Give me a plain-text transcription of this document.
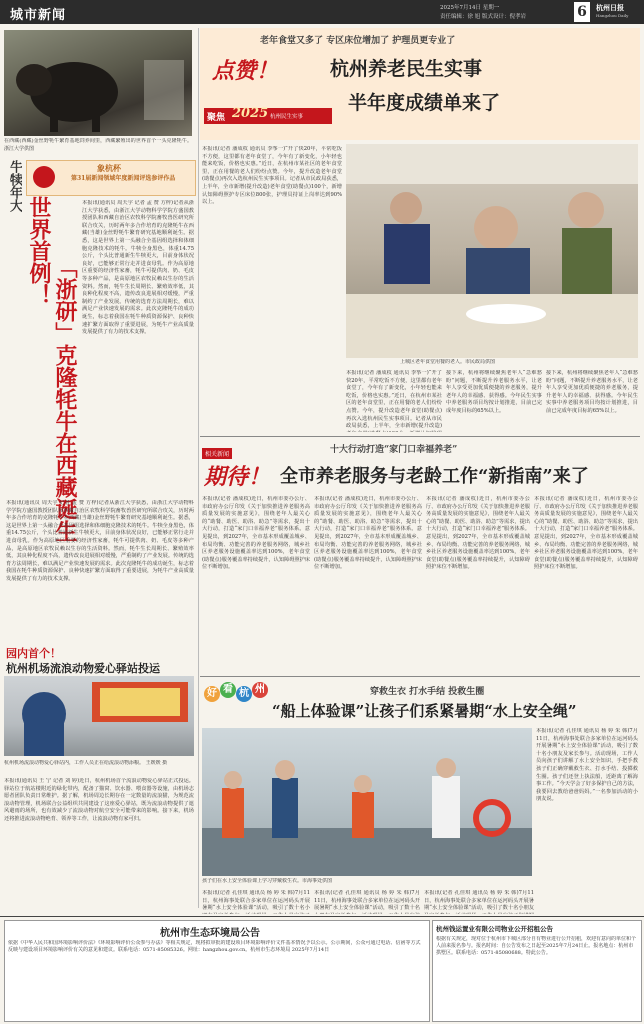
城市新闻	2025年7月14日 星期一
责任编辑：徐 旭 版式设计：倪孝岩	6	杭州日报
Hangzhou Daily
在西藏(西藏)金丝野牦牛繁育基地饲养间里，西藏繁殖出的世界首个一头克隆牦牛。 浙江大学供图
牛犊年大
象杭杯
第31届新闻领域年度新闻评选参评作品
世界首例！
「浙研」克隆牦牛在西藏诞生
本报讯(通讯员 周天宇 记者 孟 赞 方梓)记者从浙江大学获悉，由浙江大学动物科学学院方盛国教授团队和西藏自治区农牧科学院畜牧兽医研究所联合攻关，历时两年多合作培育的克隆牦牛在西藏(当雄)金丝野牦牛繁育研究基地顺利诞生。据悉，这是世界上第一头融合全基因组选择和体细胞克隆技术的牦牛。牛犊全身黑色，体重14.75公斤，个头比普通新生牛犊更大，目前身体状况良好，已能够正常行走并进食母乳。作为高原地区重要的经济性家畜，牦牛可提供肉、奶、毛皮等多种产品，是高原地区农牧民赖以生存的生活资料。然而，牦牛生长周期长、繁殖效率低，其良种化程度不高，遗传改良进展相对缓慢，严重制约了产业发展。传统的选育方法周期长，难以满足产业快速发展的需求。此次克隆牦牛的成功诞生，标志着我国在牦牛种质资源保护、良种快速扩繁方面取得了重要进展，为牦牛产业高质量发展提供了有力的技术支撑。
本报讯(通讯员 周天宇 记者 孟 赞 方梓)记者从浙江大学获悉，由浙江大学动物科学学院方盛国教授团队和西藏自治区农牧科学院畜牧兽医研究所联合攻关，历时两年多合作培育的克隆牦牛在西藏(当雄)金丝野牦牛繁育研究基地顺利诞生。据悉，这是世界上第一头融合全基因组选择和体细胞克隆技术的牦牛。牛犊全身黑色，体重14.75公斤，个头比普通新生牛犊更大，目前身体状况良好，已能够正常行走并进食母乳。作为高原地区重要的经济性家畜，牦牛可提供肉、奶、毛皮等多种产品，是高原地区农牧民赖以生存的生活资料。然而，牦牛生长周期长、繁殖效率低，其良种化程度不高，遗传改良进展相对缓慢，严重制约了产业发展。传统的选育方法周期长，难以满足产业快速发展的需求。此次克隆牦牛的成功诞生，标志着我国在牦牛种质资源保护、良种快速扩繁方面取得了重要进展，为牦牛产业高质量发展提供了有力的技术支撑。
园内首个！
杭州机场流浪动物爱心驿站投运
杭州机场流浪动物爱心驿站内，工作人员正在给流浪动物添粮。 王媛媛 摄
本报讯(通讯员 王 宁 记者 刘 婷)近日，杭州机场首个流浪动物爱心驿站正式投运。驿站位于航站楼附近的绿化带内，配备了猫窝、饮水器、喂食器等设施，由机场志愿者团队负责日常维护。据了解，机场周边长期存在一定数量的流浪猫，为规范流浪动物管理，机场联合公益组织共同建设了这座爱心驿站，既为流浪动物提供了遮风避雨的场所，也有效减少了流浪动物对航空安全可能带来的影响。接下来，机场还将推进流浪动物绝育、领养等工作，让流浪动物有家可归。
老年食堂又多了 专区床位增加了 护理员更专业了
点赞！	杭州养老民生实事
聚焦 2025 杭州民生实事
半年度成绩单来了
本报讯(记者 潘成枚 通讯员 李筝一)“开了快20年，平常吃饭不方便，这里都有老年食堂了，今年有了新变化，小年轻也能来吃饭，价格也实惠。”近日，在杭州市某社区的老年食堂里，正在用餐的老人们纷纷点赞。今年，提升改造老年食堂(助餐点)再次入选杭州民生实事项目。记者从市民政局获悉，上半年，全市新增(提升改造)老年食堂(助餐点)100个，新增认知障碍照护专区床位800张，护理员持证上岗率达到90%以上。
上城区老年食堂用餐的老人。市民政局供图
本报讯(记者 潘成枚 通讯员 李筝一)“开了快20年，平常吃饭不方便，这里都有老年食堂了，今年有了新变化，小年轻也能来吃饭，价格也实惠。”近日，在杭州市某社区的老年食堂里，正在用餐的老人们纷纷点赞。今年，提升改造老年食堂(助餐点)再次入选杭州民生实事项目。记者从市民政局获悉，上半年，全市新增(提升改造)
接下来，杭州将继续聚焦老年人“急难愁盼”问题，不断提升养老服务水平，让老年人享受更加优质便捷的养老服务，提升老年人的幸福感、获得感。今年民生实事中养老服务项目均按计划推进，目前已完成年度目标的65%以上。
接下来，杭州将继续聚焦老年人“急难愁盼”问题，不断提升养老服务水平，让老年人享受更加优质便捷的养老服务，提升老年人的幸福感、获得感。今年民生实事中养老服务项目均按计划推进，目前已完成年度目标的65%以上。
十大行动打造“家门口幸福养老”
相关新闻
期待！ 全市养老服务与老龄工作“新指南”来了
本报讯(记者 潘成枚)近日，杭州市委办公厅、市政府办公厅印发《关于加快推进养老服务高质量发展的实施意见》，围绕老年人最关心的“助餐、助医、助浴、助急”等需求，提出十大行动，打造“家门口幸福养老”服务体系。意见提出，到2027年，全市基本形成覆盖城乡、布局均衡、功能完善的养老服务网络，城乡社区养老服务设施覆盖率达到100%，老年食堂(助餐点)服务覆盖率持续提升，认知障碍照护床位不断增加。
本报讯(记者 潘成枚)近日，杭州市委办公厅、市政府办公厅印发《关于加快推进养老服务高质量发展的实施意见》，围绕老年人最关心的“助餐、助医、助浴、助急”等需求，提出十大行动，打造“家门口幸福养老”服务体系。意见提出，到2027年，全市基本形成覆盖城乡、布局均衡、功能完善的养老服务网络，城乡社区养老服务设施覆盖率达到100%，老年食堂(助餐点)服务覆盖率持续提升，认知障碍照护床位不断增加。
本报讯(记者 潘成枚)近日，杭州市委办公厅、市政府办公厅印发《关于加快推进养老服务高质量发展的实施意见》，围绕老年人最关心的“助餐、助医、助浴、助急”等需求，提出十大行动，打造“家门口幸福养老”服务体系。意见提出，到2027年，全市基本形成覆盖城乡、布局均衡、功能完善的养老服务网络，城乡社区养老服务设施覆盖率达到100%，老年食堂(助餐点)服务覆盖率持续提升，认知障碍照护床位不断增加。
本报讯(记者 潘成枚)近日，杭州市委办公厅、市政府办公厅印发《关于加快推进养老服务高质量发展的实施意见》，围绕老年人最关心的“助餐、助医、助浴、助急”等需求，提出十大行动，打造“家门口幸福养老”服务体系。意见提出，到2027年，全市基本形成覆盖城乡、布局均衡、功能完善的养老服务网络，城乡社区养老服务设施覆盖率达到100%，老年食堂(助餐点)服务覆盖率持续提升，认知障碍照护床位不断增加。
好 看 杭 州	穿救生衣 打水手结 投救生圈
“船上体验课”让孩子们系紧暑期“水上安全绳”
孩子们在水上安全体验课上学习穿戴救生衣。市海事处供图
本报讯(记者 孔佳琪 通讯员 杨 婷 朱 韩)7月11日，杭州海事处联合多家单位在运河码头开展暑期“水上安全体验课”活动，吸引了数十名小
本报讯(记者 孔佳琪 通讯员 杨 婷 朱 韩)7月11日，杭州海事处联合多家单位在运河码头开展暑期“水上安全体验课”活动，吸引了数十名
本报讯(记者 孔佳琪 通讯员 杨 婷 朱 韩)7月11日，杭州海事处联合多家单位在运河码头开展暑期“水上安全体验课”活动，吸引了数十名小朋友
本报讯(记者 孔佳琪 通讯员 杨 婷 朱 韩)7月11日，杭州海事处联合多家单位在运河码头开展暑期“水上安全体验课”活动，吸引了数十名小朋友及家长参与。活动现场，工作人员向孩子们讲解了水上安全知识，手把手教孩子们正确穿戴救生衣、打水手结、投掷救生圈。孩子们还登上执法船，近距离了解海事工作。“今天学会了好多保护自己的方法，我要回去教给爸爸妈妈。”一名参加活动的小朋友说。
杭州市生态环境局公告
依据《中华人民共和国环境影响评价法》《环境影响评价公众参与办法》等相关规定，现将拟审批的建设项目环境影响评价文件基本情况予以公示。公示期间，公众可通过电话、信函等方式反映与建设项目环境影响评价有关的意见和建议。联系电话：0571-85085326。网址：hangzhou.gov.cn。杭州市生态环境局 2025年7月14日
杭州钱运置业有限公司物业公开招租公告
根据有关规定，现对位于杭州市下城区部分自有物业进行公开招租，欢迎有意向的单位和个人前来报名参与。报名时间：自公告发布之日起至2025年7月24日止。报名地点：杭州市拱墅区。联系电话：0571-85080688。特此公告。
